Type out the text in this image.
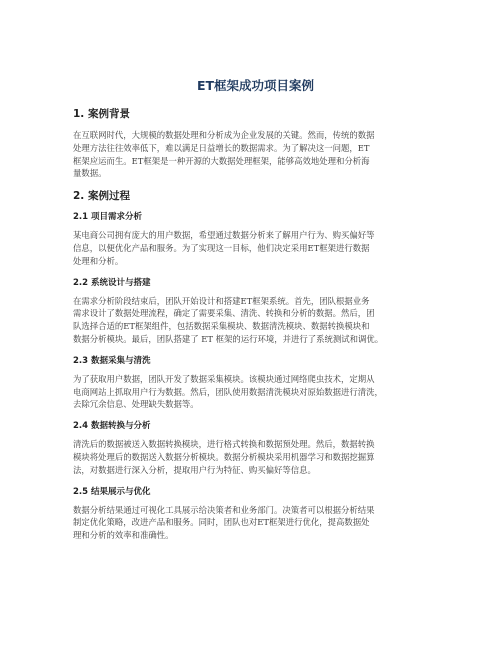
ET框架成功项目案例
1. 案例背景

在互联网时代，大规模的数据处理和分析成为企业发展的关键。然而，传统的数据
处理方法往往效率低下，难以满足日益增长的数据需求。为了解决这一问题，ET
框架应运而生。ET框架是一种开源的大数据处理框架，能够高效地处理和分析海
量数据。

2. 案例过程
2.1 项目需求分析

某电商公司拥有庞大的用户数据，希望通过数据分析来了解用户行为、购买偏好等
信息，以便优化产品和服务。为了实现这一目标，他们决定采用ET框架进行数据
处理和分析。

2.2 系统设计与搭建

在需求分析阶段结束后，团队开始设计和搭建ET框架系统。首先，团队根据业务
需求设计了数据处理流程，确定了需要采集、清洗、转换和分析的数据。然后，团
队选择合适的ET框架组件，包括数据采集模块、数据清洗模块、数据转换模块和
数据分析模块。最后，团队搭建了 ET 框架的运行环境，并进行了系统测试和调优。

2.3 数据采集与清洗

为了获取用户数据，团队开发了数据采集模块。该模块通过网络爬虫技术，定期从
电商网站上抓取用户行为数据。然后，团队使用数据清洗模块对原始数据进行清洗，
去除冗余信息、处理缺失数据等。

2.4 数据转换与分析

清洗后的数据被送入数据转换模块，进行格式转换和数据预处理。然后，数据转换
模块将处理后的数据送入数据分析模块。数据分析模块采用机器学习和数据挖掘算
法，对数据进行深入分析，提取用户行为特征、购买偏好等信息。

2.5 结果展示与优化

数据分析结果通过可视化工具展示给决策者和业务部门。决策者可以根据分析结果
制定优化策略，改进产品和服务。同时，团队也对ET框架进行优化，提高数据处
理和分析的效率和准确性。
